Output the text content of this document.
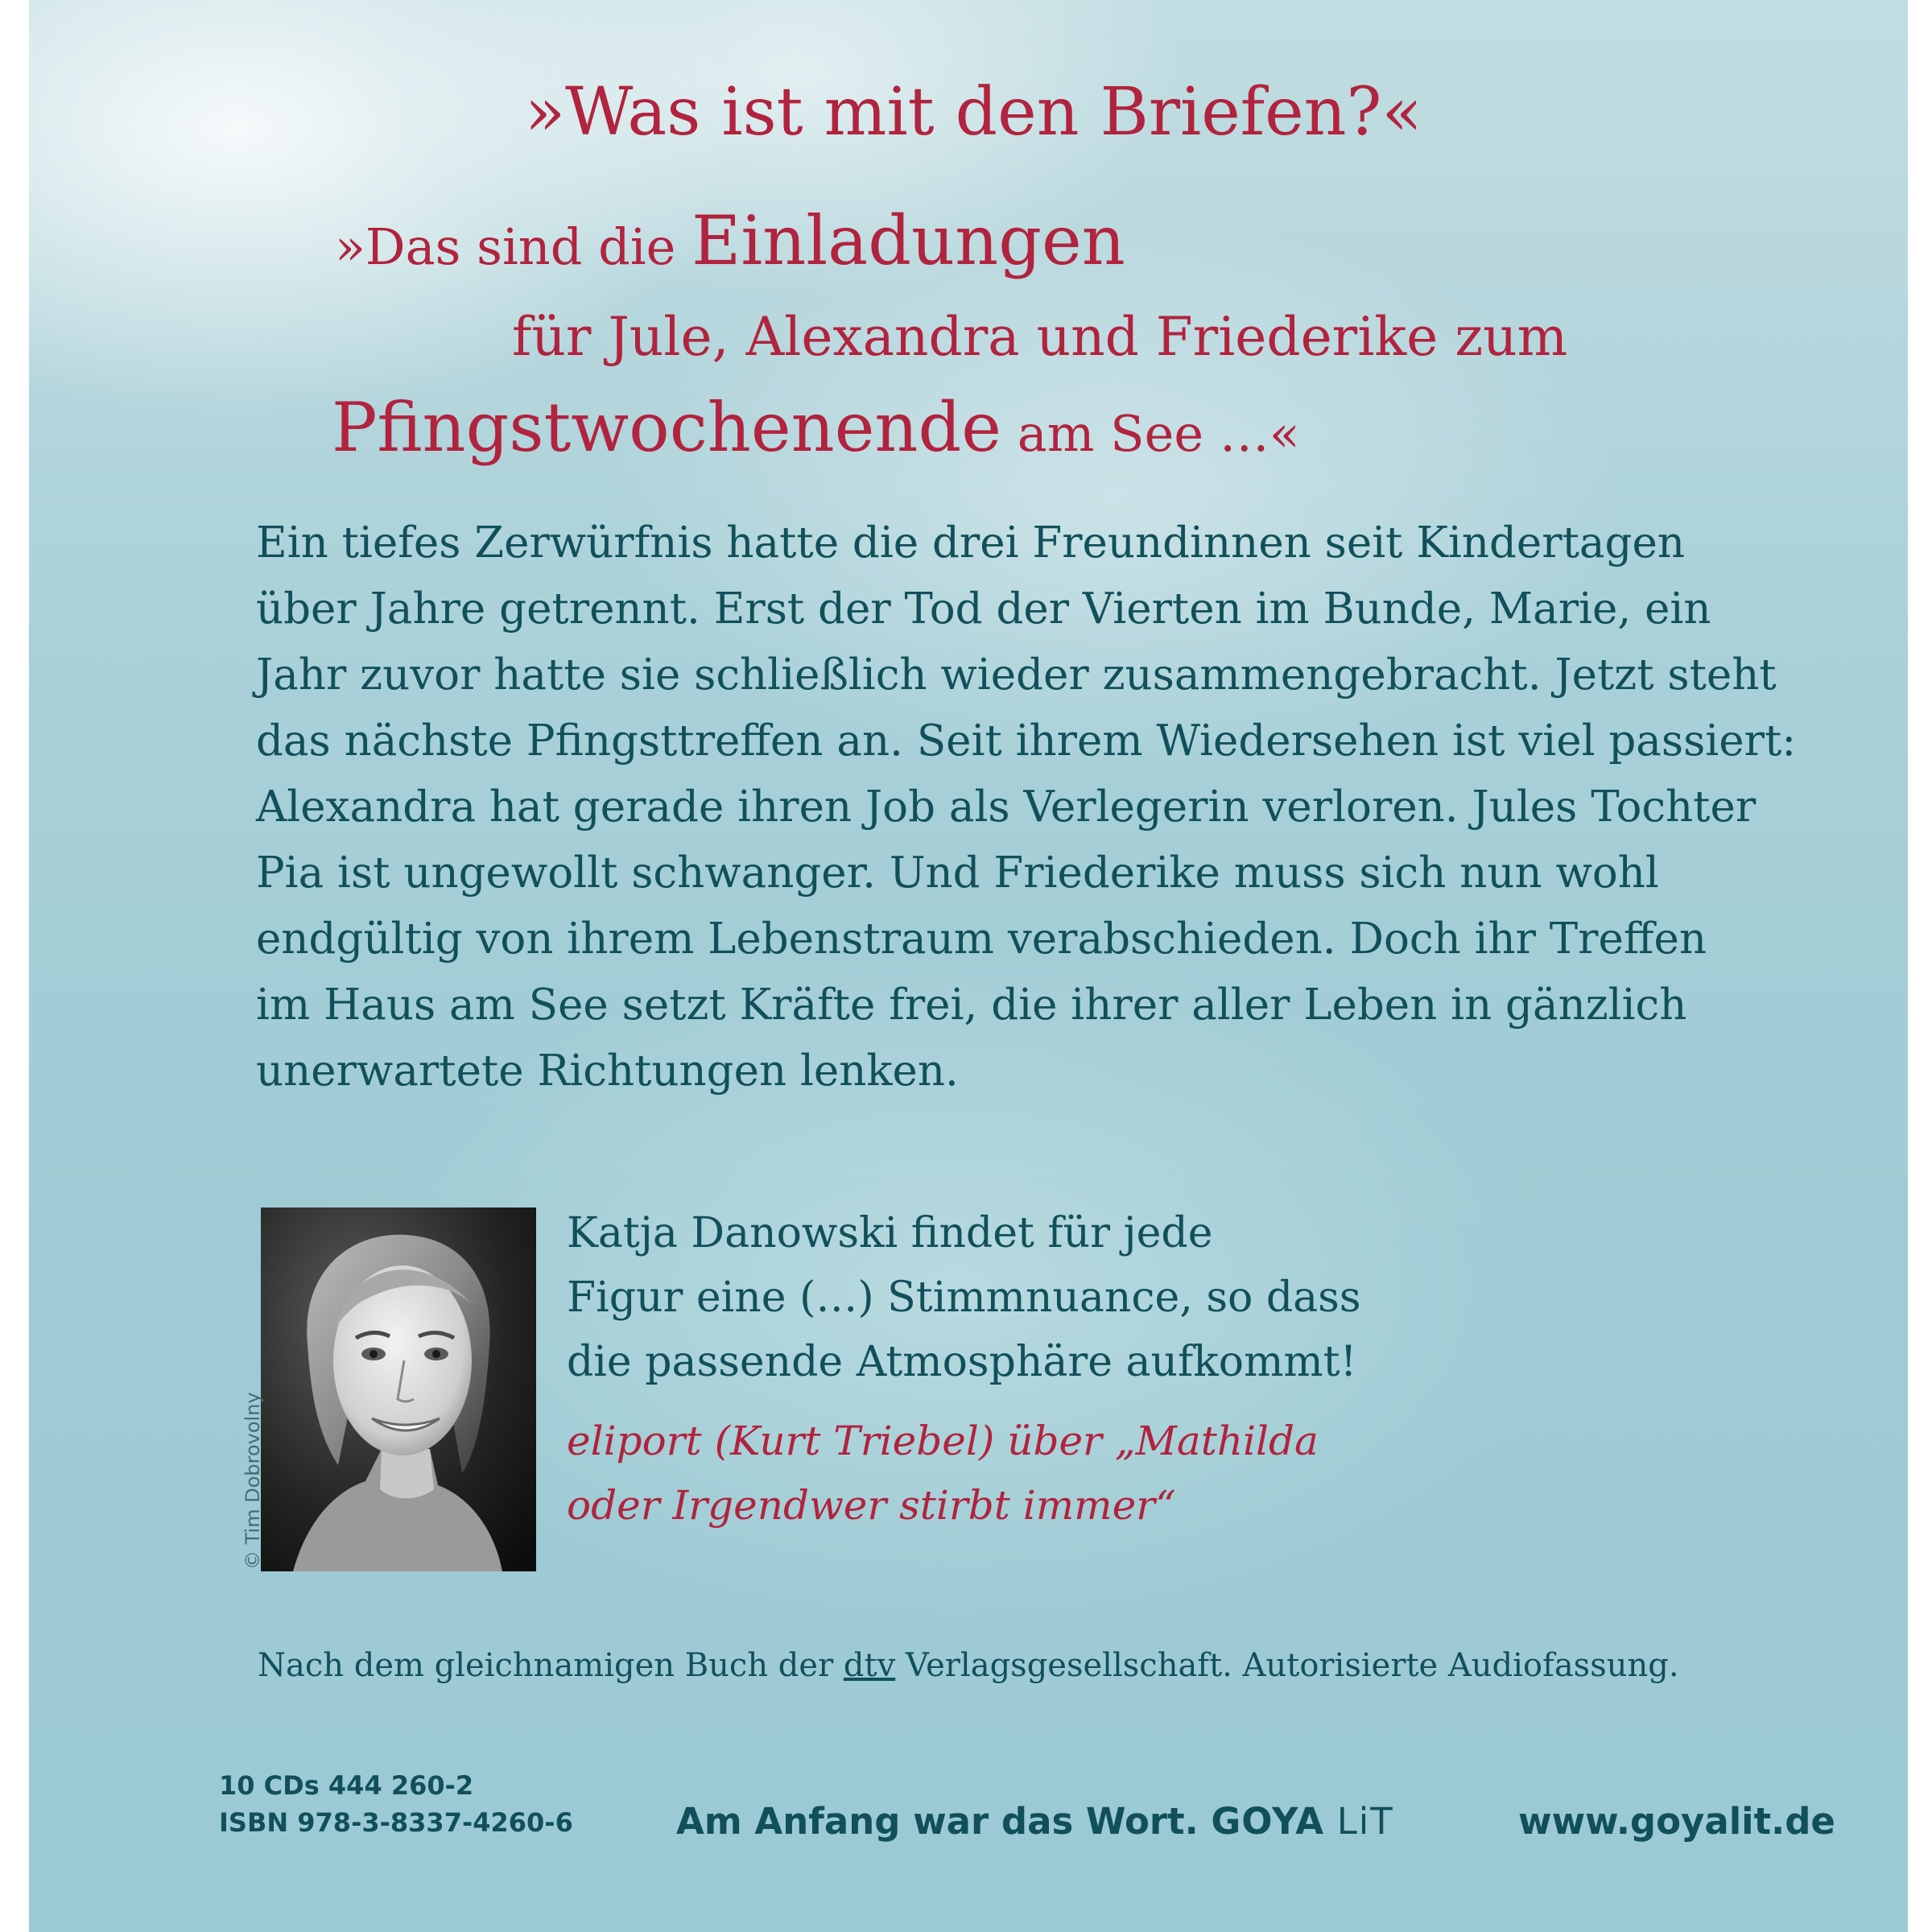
»Was ist mit den Briefen?«

»Das sind die Einladungen

für Jule, Alexandra und Friederike zum

Pfingstwochenende am See …«

Ein tiefes Zerwürfnis hatte die drei Freundinnen seit Kindertagen
über Jahre getrennt. Erst der Tod der Vierten im Bunde, Marie, ein
Jahr zuvor hatte sie schließlich wieder zusammengebracht. Jetzt steht
das nächste Pfingsttreffen an. Seit ihrem Wiedersehen ist viel passiert:
Alexandra hat gerade ihren Job als Verlegerin verloren. Jules Tochter
Pia ist ungewollt schwanger. Und Friederike muss sich nun wohl
endgültig von ihrem Lebenstraum verabschieden. Doch ihr Treffen
im Haus am See setzt Kräfte frei, die ihrer aller Leben in gänzlich
unerwartete Richtungen lenken.

© Tim Dobrovolny

Katja Danowski findet für jede
Figur eine (…) Stimmnuance, so dass
die passende Atmosphäre aufkommt!

eliport (Kurt Triebel) über „Mathilda
oder Irgendwer stirbt immer“

Nach dem gleichnamigen Buch der dtv Verlagsgesellschaft. Autorisierte Audiofassung.

10 CDs 444 260-2
ISBN 978-3-8337-4260-6	Am Anfang war das Wort. GOYA LiT	www.goyalit.de
